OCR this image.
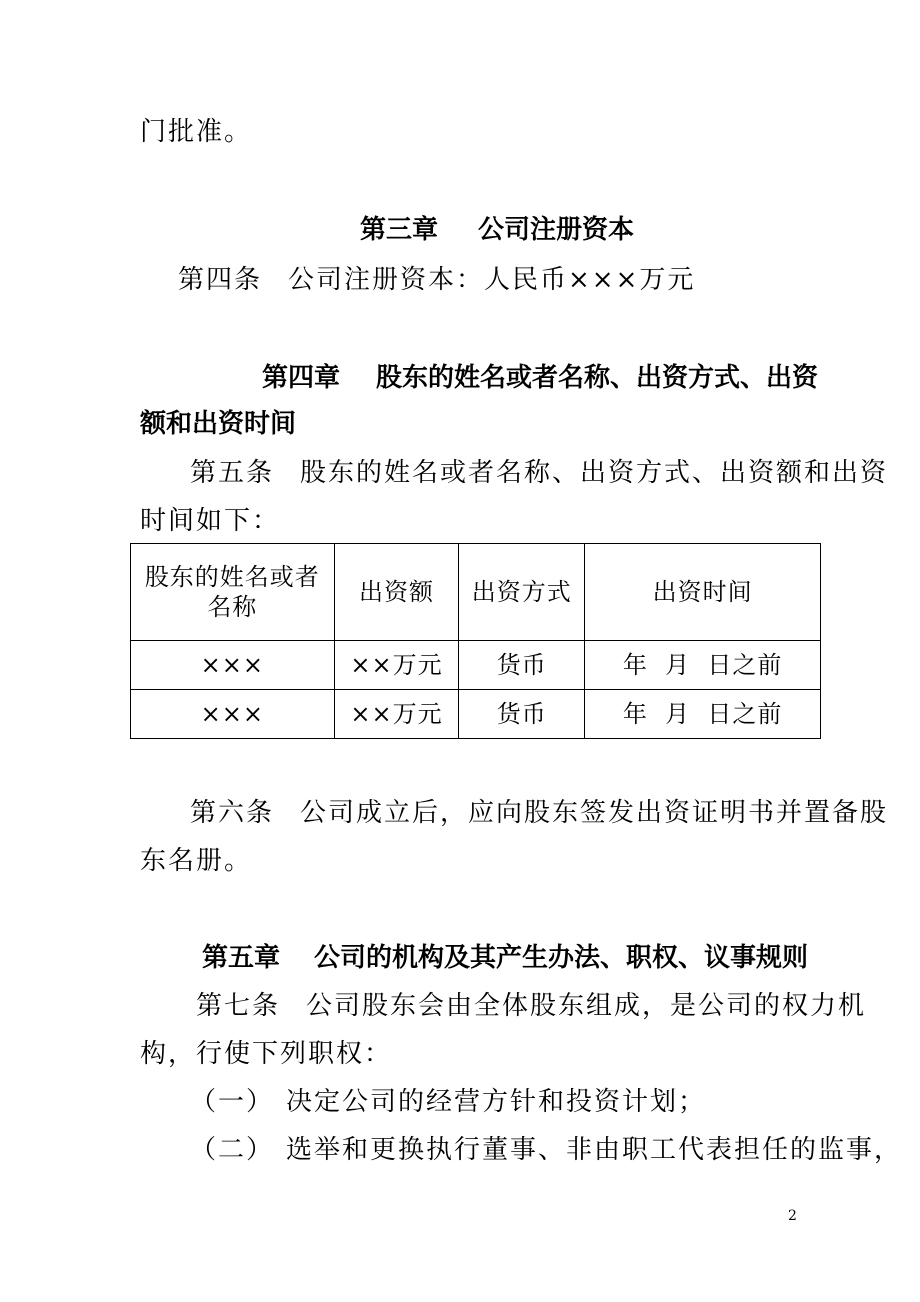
门批准。
第三章 公司注册资本
第四条 公司注册资本：人民币×××万元
第四章 股东的姓名或者名称、出资方式、出资
额和出资时间
第五条 股东的姓名或者名称、出资方式、出资额和出资
时间如下：
股东的姓名或者
名称	出资额	出资方式	出资时间
×××	××万元	货币	年  月  日之前
×××	××万元	货币	年  月  日之前
第六条 公司成立后，应向股东签发出资证明书并置备股
东名册。
第五章 公司的机构及其产生办法、职权、议事规则
第七条 公司股东会由全体股东组成，是公司的权力机
构，行使下列职权：
（一） 决定公司的经营方针和投资计划；
（二） 选举和更换执行董事、非由职工代表担任的监事，
2
